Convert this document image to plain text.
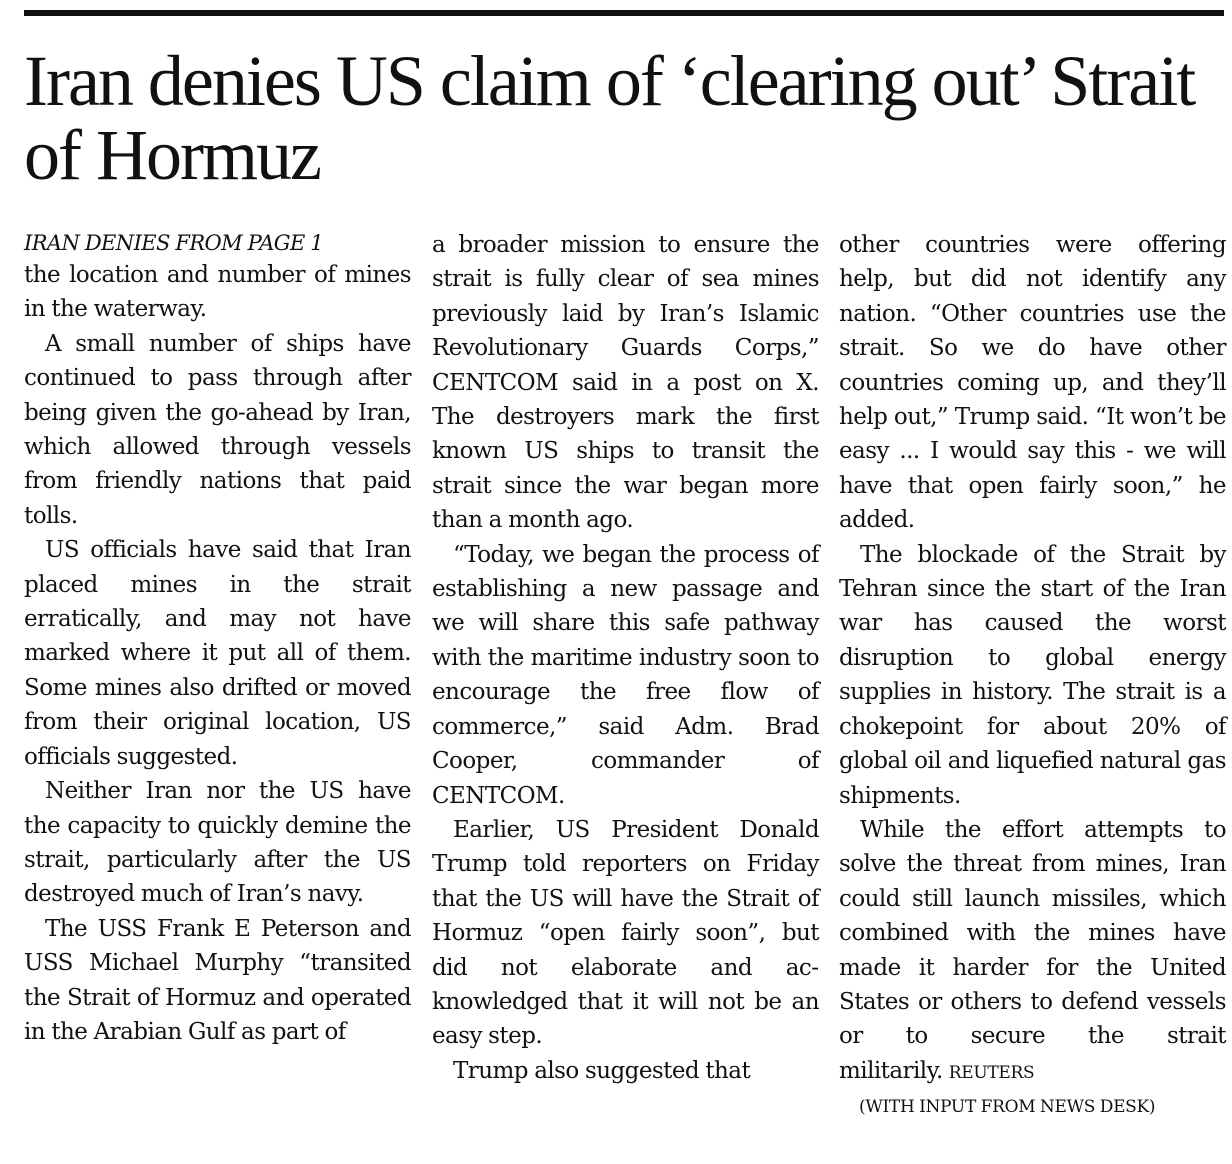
Iran denies US claim of ‘clearing out’ Strait of Hormuz
IRAN DENIES FROM PAGE 1

the location and number of mines in the waterway.

A small number of ships have continued to pass through after being given the go-ahead by Iran, which allowed through vessels from friendly nations that paid tolls.

US officials have said that Iran placed mines in the strait erratically, and may not have marked where it put all of them. Some mines also drifted or moved from their original location, US officials suggested.

Neither Iran nor the US have the capacity to quickly demine the strait, particularly after the US destroyed much of Iran’s navy.

The USS Frank E Peterson and USS Michael Murphy “transited the Strait of Hormuz and operated in the Arabian Gulf as part of

a broader mission to ensure the strait is fully clear of sea mines previously laid by Iran’s Islamic Revolutionary Guards Corps,” CENTCOM said in a post on X. The destroyers mark the first known US ships to transit the strait since the war began more than a month ago.

“Today, we began the process of establishing a new passage and we will share this safe pathway with the maritime industry soon to encourage the free flow of commerce,” said Adm. Brad Cooper, commander of CENTCOM.

Earlier, US President Donald Trump told reporters on Friday that the US will have the Strait of Hormuz “open fairly soon”, but did not elaborate and acknowledged that it will not be an easy step.

Trump also suggested that

other countries were offering help, but did not identify any nation. “Other countries use the strait. So we do have other countries coming up, and they’ll help out,” Trump said. “It won’t be easy ... I would say this - we will have that open fairly soon,” he added.

The blockade of the Strait by Tehran since the start of the Iran war has caused the worst disruption to global energy supplies in history. The strait is a chokepoint for about 20% of global oil and liquefied natural gas shipments.

While the effort attempts to solve the threat from mines, Iran could still launch missiles, which combined with the mines have made it harder for the United States or others to defend vessels or to secure the strait militarily. REUTERS

(WITH INPUT FROM NEWS DESK)
